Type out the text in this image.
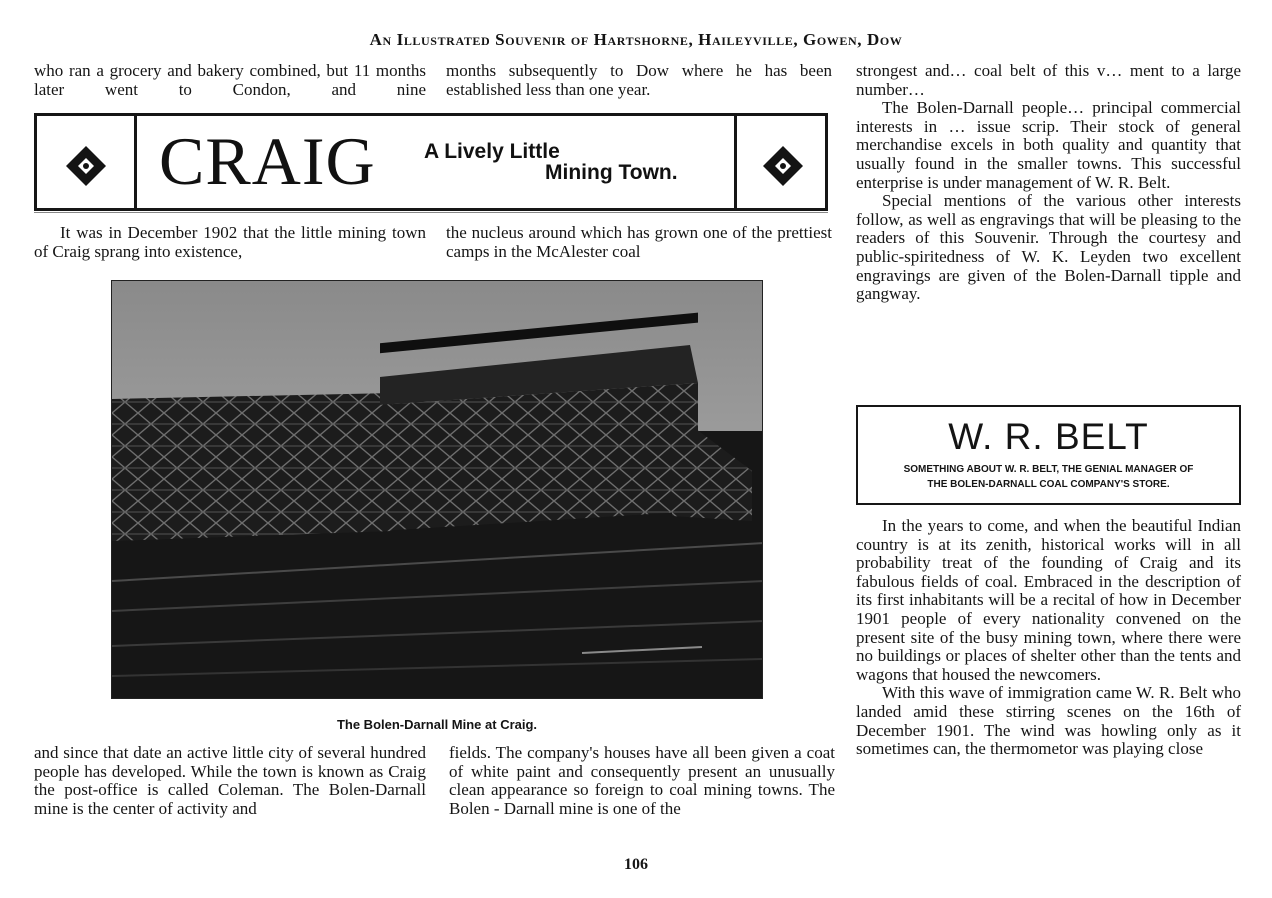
An Illustrated Souvenir of Hartshorne, Haileyville, Gowen, Dow
who ran a grocery and bakery combined, but 11 months later went to Condon, and nine
months subsequently to Dow where he has been established less than one year.
CRAIG A Lively Little
Mining Town.
It was in December 1902 that the little mining town of Craig sprang into existence,
the nucleus around which has grown one of the prettiest camps in the McAlester coal
The Bolen-Darnall Mine at Craig.
and since that date an active little city of several hundred people has developed. While the town is known as Craig the post-office is called Coleman. The Bolen-Darnall mine is the center of activity and
fields. The company's houses have all been given a coat of white paint and consequently present an unusually clean appearance so foreign to coal mining towns. The Bolen - Darnall mine is one of the

strongest and… coal belt of this v… ment to a large number…

The Bolen-Darnall people… principal commercial interests in … issue scrip. Their stock of general merchandise excels in both quality and quantity that usually found in the smaller towns. This successful enterprise is under management of W. R. Belt.

Special mentions of the various other interests follow, as well as engravings that will be pleasing to the readers of this Souvenir. Through the courtesy and public-spiritedness of W. K. Leyden two excellent engravings are given of the Bolen-Darnall tipple and gangway.

W. R. BELT
SOMETHING ABOUT W. R. BELT, THE GENIAL MANAGER OF
THE BOLEN-DARNALL COAL COMPANY'S STORE.

In the years to come, and when the beautiful Indian country is at its zenith, historical works will in all probability treat of the founding of Craig and its fabulous fields of coal. Embraced in the description of its first inhabitants will be a recital of how in December 1901 people of every nationality convened on the present site of the busy mining town, where there were no buildings or places of shelter other than the tents and wagons that housed the newcomers.

With this wave of immigration came W. R. Belt who landed amid these stirring scenes on the 16th of December 1901. The wind was howling only as it sometimes can, the thermometor was playing close

106
